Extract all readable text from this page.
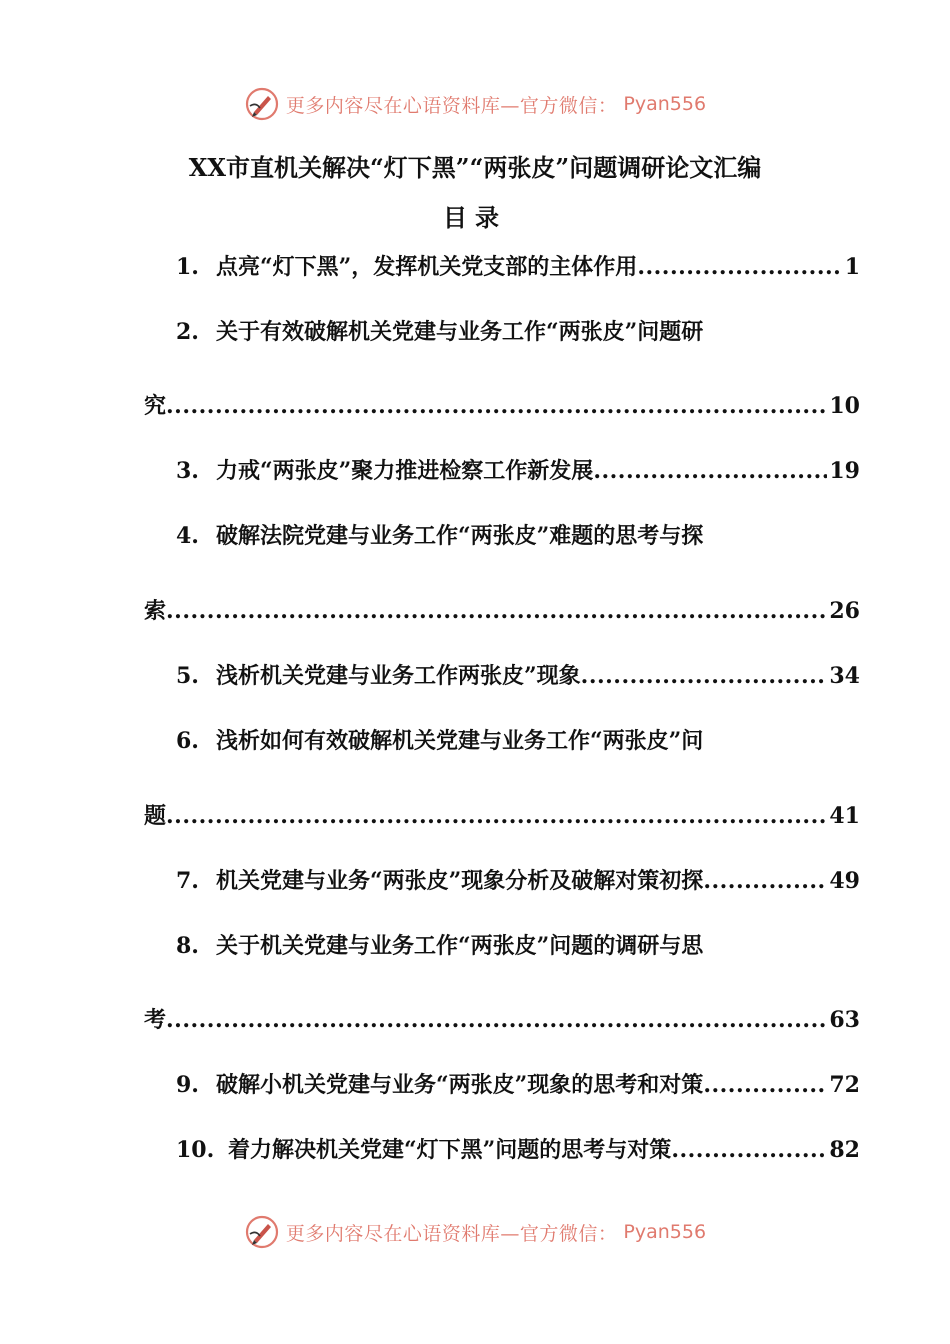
更多内容尽在心语资料库—官方微信： Pyan556
XX市直机关解决“灯下黑”“两张皮”问题调研论文汇编
目录
1. 点亮“灯下黑”，发挥机关党支部的主体作用 .....	1
2. 关于有效破解机关党建与业务工作“两张皮”问题研
究 .....	10
3. 力戒“两张皮”聚力推进检察工作新发展 .....	19
4. 破解法院党建与业务工作“两张皮”难题的思考与探
索 .....	26
5. 浅析机关党建与业务工作两张皮”现象 .....	34
6. 浅析如何有效破解机关党建与业务工作“两张皮”问
题 .....	41
7. 机关党建与业务“两张皮”现象分析及破解对策初探 .....	49
8. 关于机关党建与业务工作“两张皮”问题的调研与思
考 .....	63
9. 破解小机关党建与业务“两张皮”现象的思考和对策 .....	72
10. 着力解决机关党建“灯下黑”问题的思考与对策 .....	82
更多内容尽在心语资料库—官方微信： Pyan556
